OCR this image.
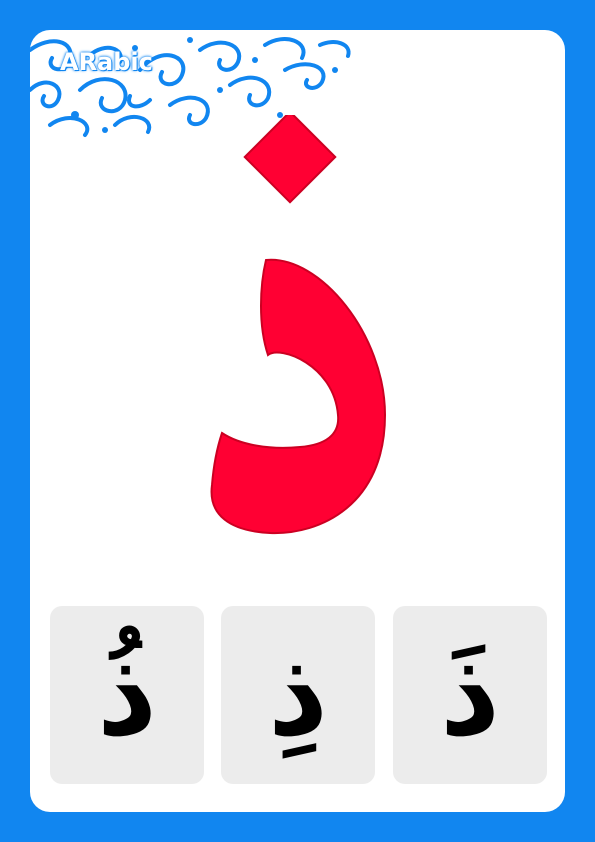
ARabic
ذُ ذِ ذَ
